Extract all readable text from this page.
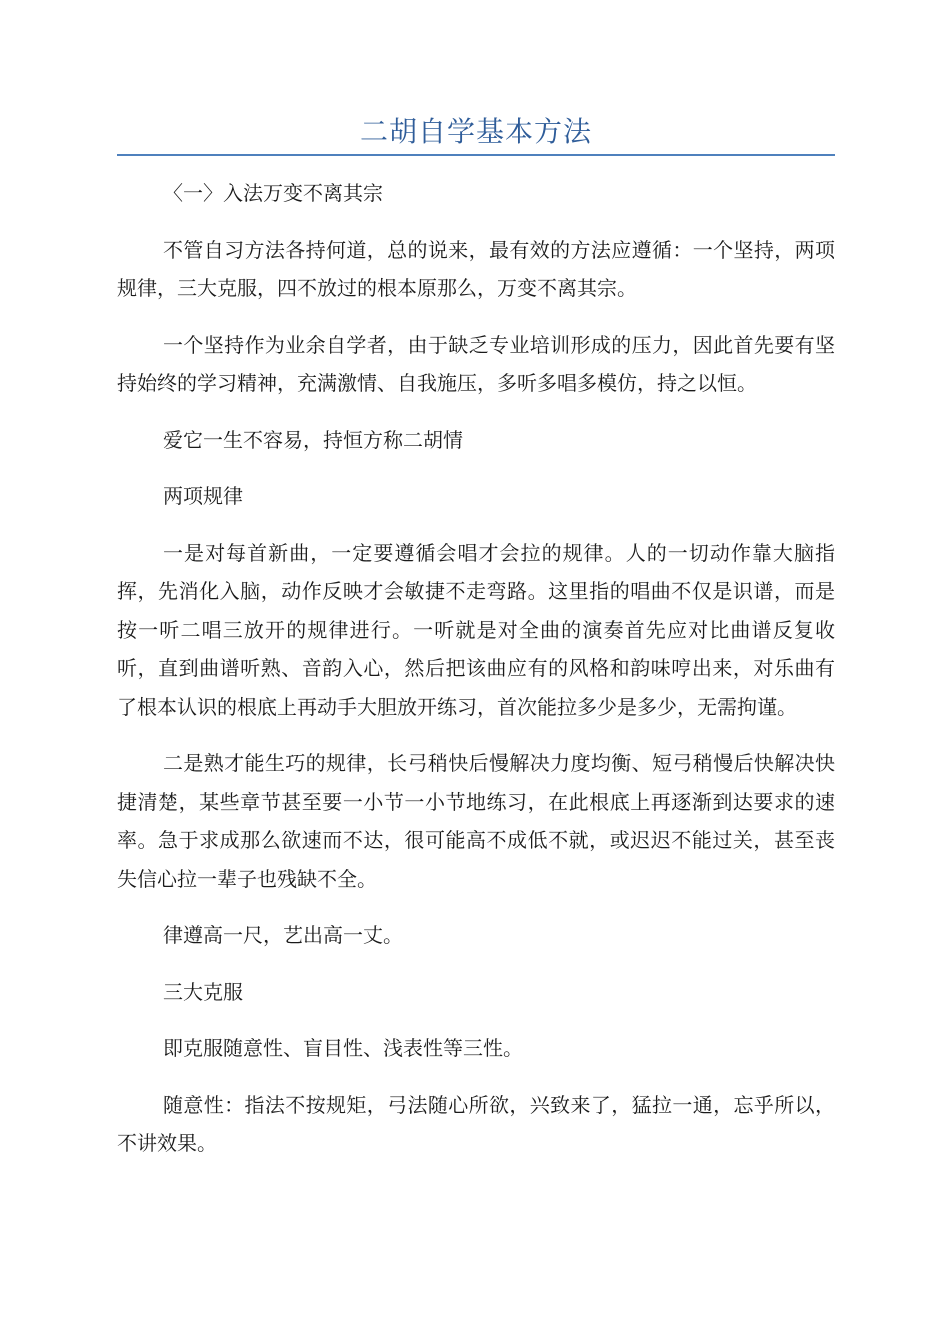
二胡自学基本方法

〈一〉入法万变不离其宗

不管自习方法各持何道，总的说来，最有效的方法应遵循：一个坚持，两项规律，三大克服，四不放过的根本原那么，万变不离其宗。

一个坚持作为业余自学者，由于缺乏专业培训形成的压力，因此首先要有坚持始终的学习精神，充满激情、自我施压，多听多唱多模仿，持之以恒。

爱它一生不容易，持恒方称二胡情

两项规律

一是对每首新曲，一定要遵循会唱才会拉的规律。人的一切动作靠大脑指挥，先消化入脑，动作反映才会敏捷不走弯路。这里指的唱曲不仅是识谱，而是按一听二唱三放开的规律进行。一听就是对全曲的演奏首先应对比曲谱反复收听，直到曲谱听熟、音韵入心，然后把该曲应有的风格和韵味哼出来，对乐曲有了根本认识的根底上再动手大胆放开练习，首次能拉多少是多少，无需拘谨。

二是熟才能生巧的规律，长弓稍快后慢解决力度均衡、短弓稍慢后快解决快捷清楚，某些章节甚至要一小节一小节地练习，在此根底上再逐渐到达要求的速率。急于求成那么欲速而不达，很可能高不成低不就，或迟迟不能过关，甚至丧失信心拉一辈子也残缺不全。

律遵高一尺，艺出高一丈。

三大克服

即克服随意性、盲目性、浅表性等三性。

随意性：指法不按规矩，弓法随心所欲，兴致来了，猛拉一通，忘乎所以，不讲效果。
